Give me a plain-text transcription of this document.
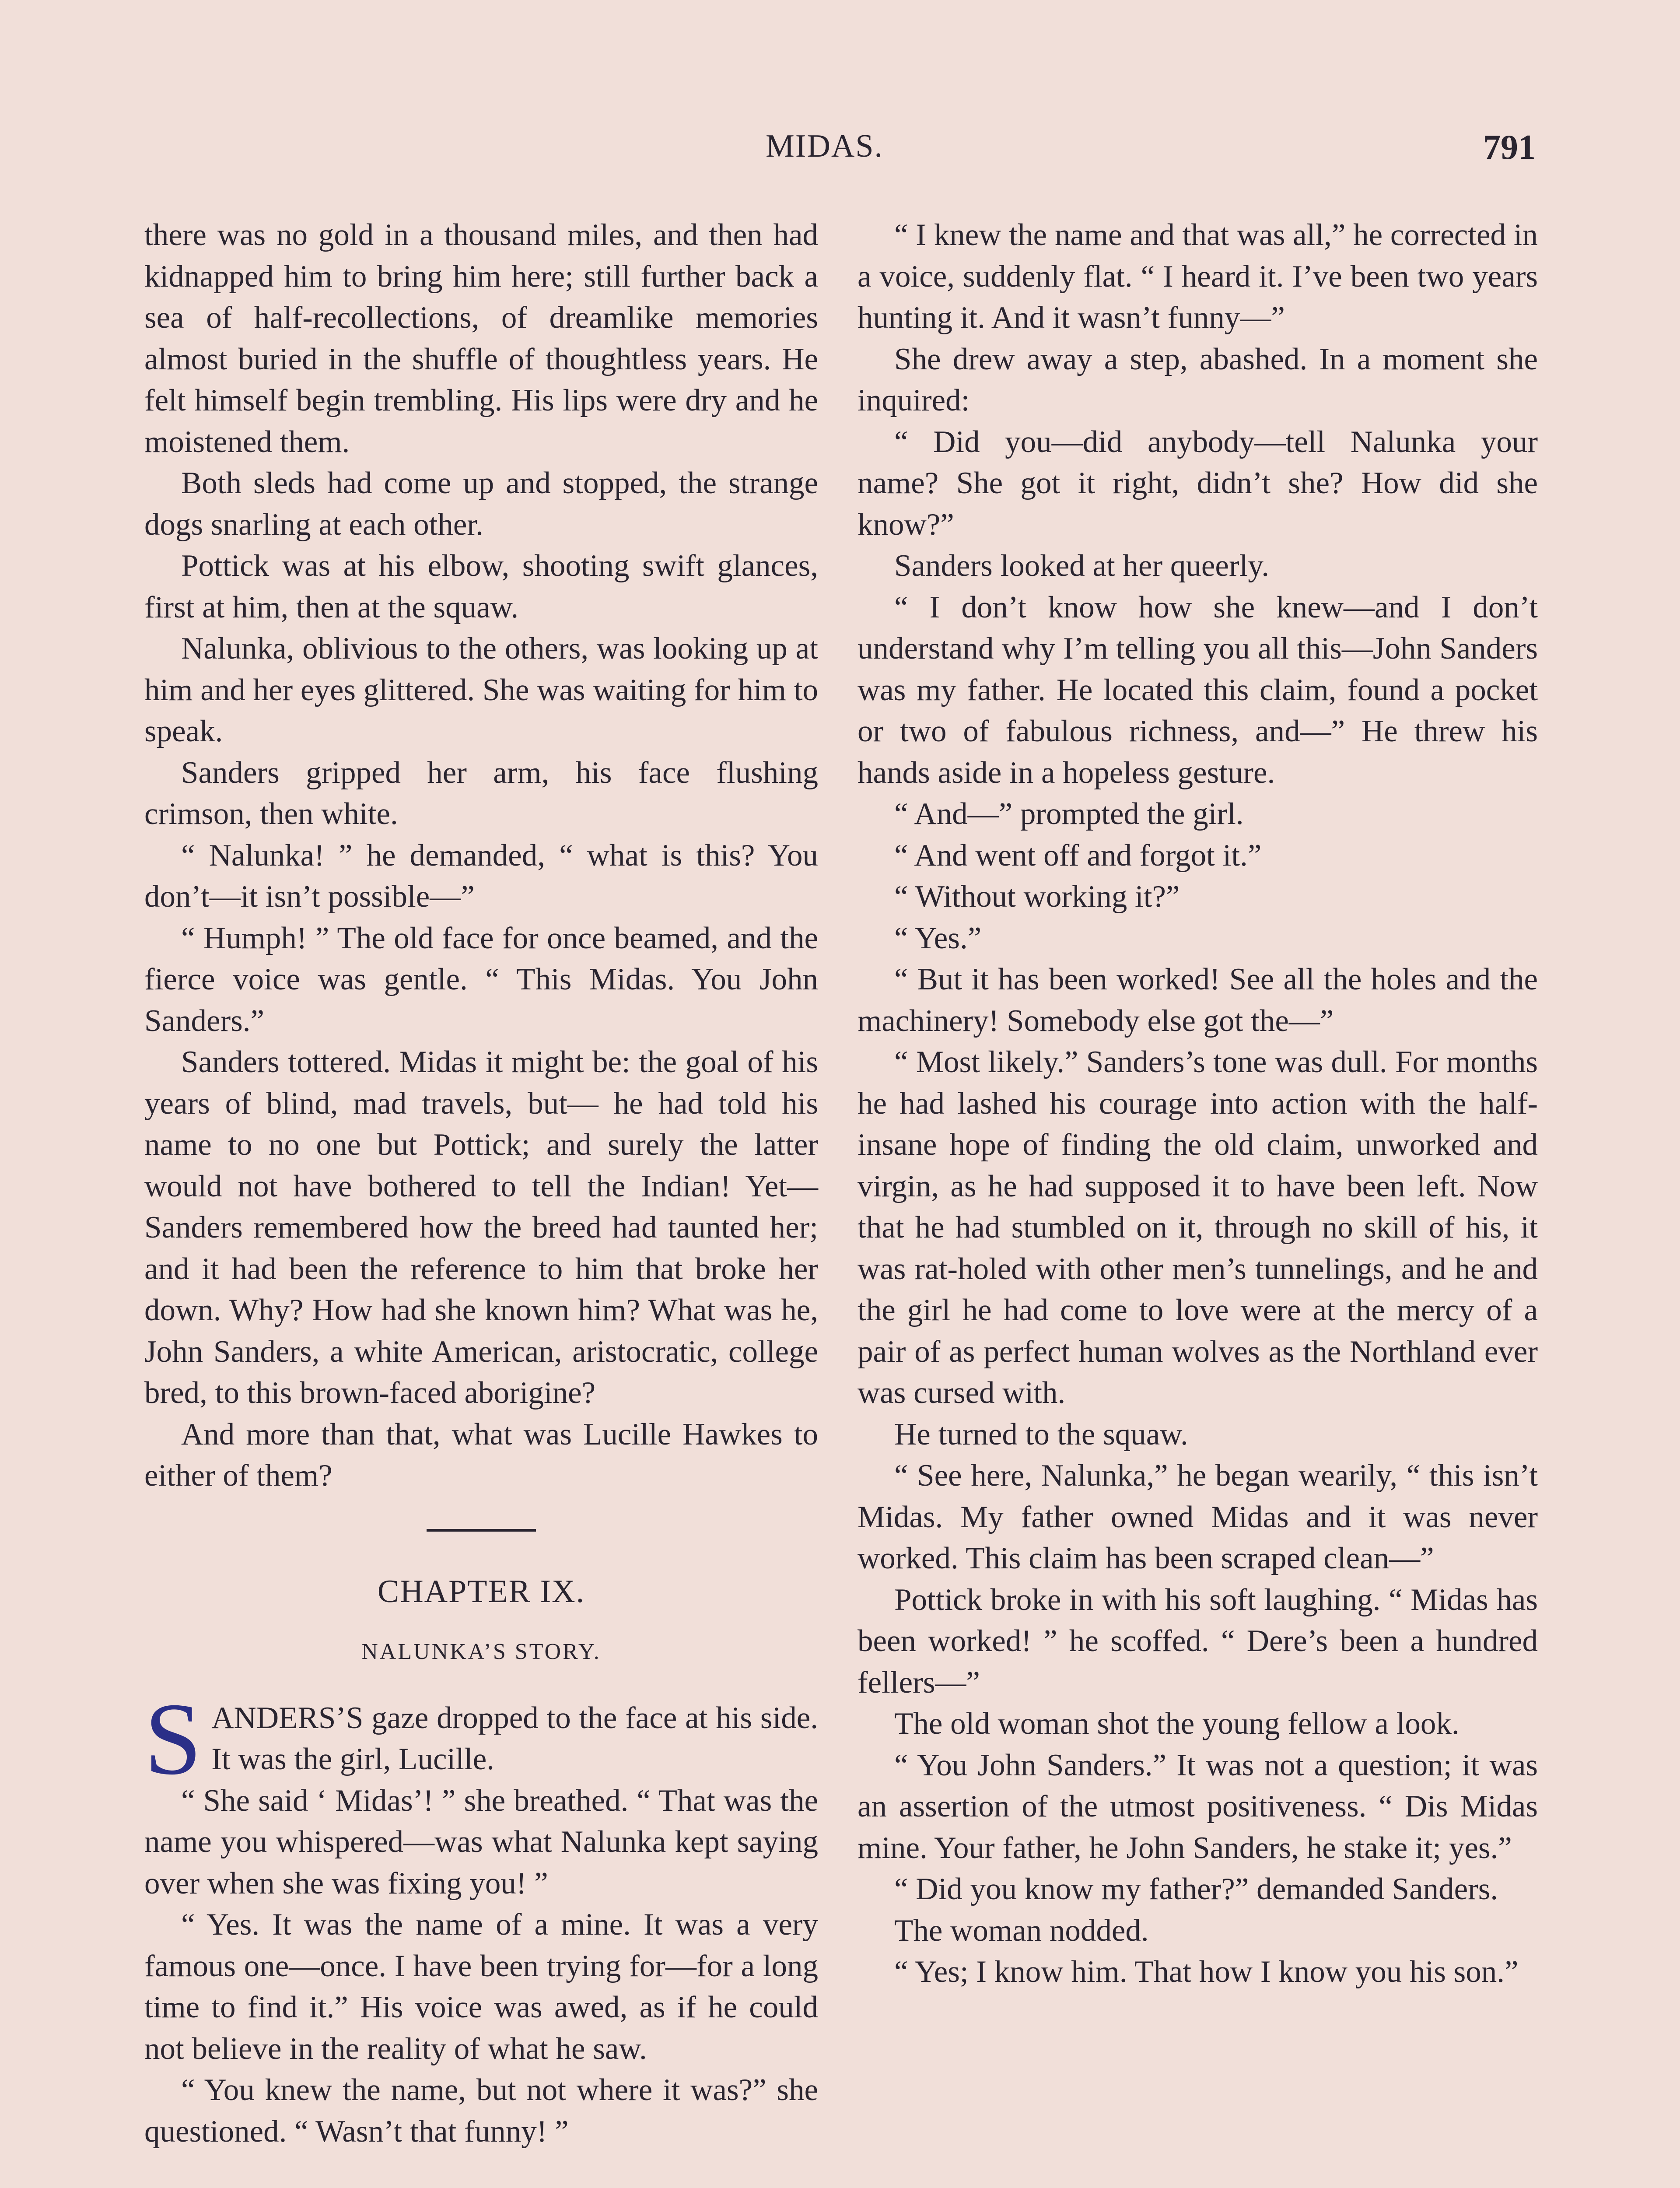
MIDAS.	791

there was no gold in a thousand miles, and then had kidnapped him to bring him here; still further back a sea of half-recollections, of dreamlike memories almost buried in the shuffle of thoughtless years. He felt himself begin trembling. His lips were dry and he moistened them.

Both sleds had come up and stopped, the strange dogs snarling at each other.

Pottick was at his elbow, shooting swift glances, first at him, then at the squaw.

Nalunka, oblivious to the others, was looking up at him and her eyes glittered. She was waiting for him to speak.

Sanders gripped her arm, his face flushing crimson, then white.

“ Nalunka! ” he demanded, “ what is this? You don’t—it isn’t possible—”

“ Humph! ” The old face for once beamed, and the fierce voice was gentle. “ This Midas. You John Sanders.”

Sanders tottered. Midas it might be: the goal of his years of blind, mad travels, but— he had told his name to no one but Pottick; and surely the latter would not have bothered to tell the Indian! Yet— Sanders remembered how the breed had taunted her; and it had been the reference to him that broke her down. Why? How had she known him? What was he, John Sanders, a white American, aristocratic, college bred, to this brown-faced aborigine?

And more than that, what was Lucille Hawkes to either of them?

CHAPTER IX.
NALUNKA’S STORY.

SANDERS’S gaze dropped to the face at his side. It was the girl, Lucille.

“ She said ‘ Midas’! ” she breathed. “ That was the name you whispered—was what Nalunka kept saying over when she was fixing you! ”

“ Yes. It was the name of a mine. It was a very famous one—once. I have been trying for—for a long time to find it.” His voice was awed, as if he could not believe in the reality of what he saw.

“ You knew the name, but not where it was?” she questioned. “ Wasn’t that funny! ”

“ I knew the name and that was all,” he corrected in a voice, suddenly flat. “ I heard it. I’ve been two years hunting it. And it wasn’t funny—”

She drew away a step, abashed. In a moment she inquired:

“ Did you—did anybody—tell Nalunka your name? She got it right, didn’t she? How did she know?”

Sanders looked at her queerly.

“ I don’t know how she knew—and I don’t understand why I’m telling you all this—John Sanders was my father. He located this claim, found a pocket or two of fabulous richness, and—” He threw his hands aside in a hopeless gesture.

“ And—” prompted the girl.

“ And went off and forgot it.”

“ Without working it?”

“ Yes.”

“ But it has been worked! See all the holes and the machinery! Somebody else got the—”

“ Most likely.” Sanders’s tone was dull. For months he had lashed his courage into action with the half-insane hope of finding the old claim, unworked and virgin, as he had supposed it to have been left. Now that he had stumbled on it, through no skill of his, it was rat-holed with other men’s tunnelings, and he and the girl he had come to love were at the mercy of a pair of as perfect human wolves as the Northland ever was cursed with.

He turned to the squaw.

“ See here, Nalunka,” he began wearily, “ this isn’t Midas. My father owned Midas and it was never worked. This claim has been scraped clean—”

Pottick broke in with his soft laughing. “ Midas has been worked! ” he scoffed. “ Dere’s been a hundred fellers—”

The old woman shot the young fellow a look.

“ You John Sanders.” It was not a question; it was an assertion of the utmost positiveness. “ Dis Midas mine. Your father, he John Sanders, he stake it; yes.”

“ Did you know my father?” demanded Sanders.

The woman nodded.

“ Yes; I know him. That how I know you his son.”
